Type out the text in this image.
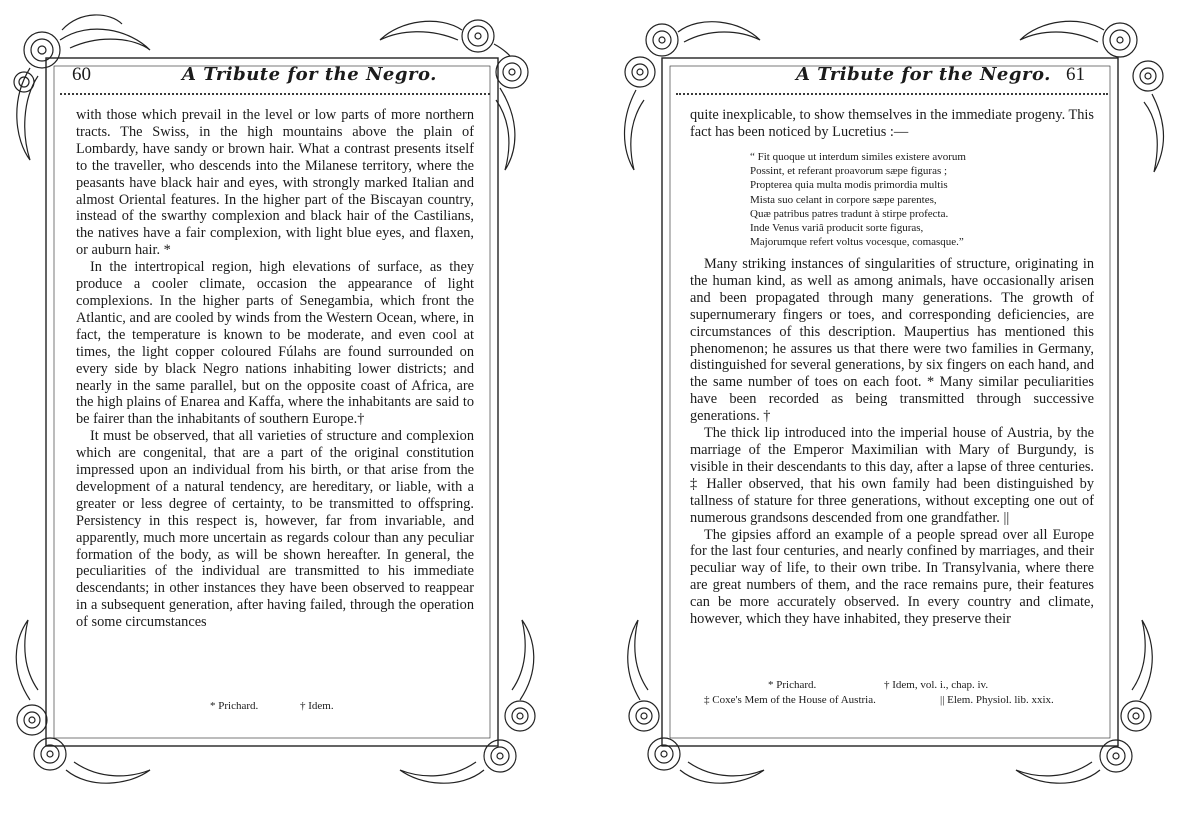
60	A Tribute for the Negro.

with those which prevail in the level or low parts of more northern tracts. The Swiss, in the high mountains above the plain of Lombardy, have sandy or brown hair. What a contrast presents itself to the traveller, who descends into the Milanese territory, where the peasants have black hair and eyes, with strongly marked Italian and almost Oriental features. In the higher part of the Biscayan country, instead of the swarthy complexion and black hair of the Castilians, the natives have a fair complexion, with light blue eyes, and flaxen, or auburn hair. *

In the intertropical region, high elevations of surface, as they produce a cooler climate, occasion the appearance of light complexions. In the higher parts of Senegambia, which front the Atlantic, and are cooled by winds from the Western Ocean, where, in fact, the temperature is known to be moderate, and even cool at times, the light copper coloured Fúlahs are found surrounded on every side by black Negro nations inhabiting lower districts; and nearly in the same parallel, but on the opposite coast of Africa, are the high plains of Enarea and Kaffa, where the inhabitants are said to be fairer than the inhabitants of southern Europe.†

It must be observed, that all varieties of structure and complexion which are congenital, that are a part of the original constitution impressed upon an individual from his birth, or that arise from the development of a natural tendency, are hereditary, or liable, with a greater or less degree of certainty, to be transmitted to offspring. Persistency in this respect is, however, far from invariable, and apparently, much more uncertain as regards colour than any peculiar formation of the body, as will be shown hereafter. In general, the peculiarities of the individual are transmitted to his immediate descendants; in other instances they have been observed to reappear in a subsequent generation, after having failed, through the operation of some circumstances

* Prichard.	† Idem.
A Tribute for the Negro. 61

quite inexplicable, to show themselves in the immediate progeny. This fact has been noticed by Lucretius :—

“ Fit quoque ut interdum similes existere avorum
Possint, et referant proavorum sæpe figuras ;
Propterea quia multa modis primordia multis
Mista suo celant in corpore sæpe parentes,
Quæ patribus patres tradunt à stirpe profecta.
Inde Venus variâ producit sorte figuras,
Majorumque refert voltus vocesque, comasque.”

Many striking instances of singularities of structure, originating in the human kind, as well as among animals, have occasionally arisen and been propagated through many generations. The growth of supernumerary fingers or toes, and corresponding deficiencies, are circumstances of this description. Maupertius has mentioned this phenomenon; he assures us that there were two families in Germany, distinguished for several generations, by six fingers on each hand, and the same number of toes on each foot. * Many similar peculiarities have been recorded as being transmitted through successive generations. †

The thick lip introduced into the imperial house of Austria, by the marriage of the Emperor Maximilian with Mary of Burgundy, is visible in their descendants to this day, after a lapse of three centuries. ‡ Haller observed, that his own family had been distinguished by tallness of stature for three generations, without excepting one out of numerous grandsons descended from one grandfather. ||

The gipsies afford an example of a people spread over all Europe for the last four centuries, and nearly confined by marriages, and their peculiar way of life, to their own tribe. In Transylvania, where there are great numbers of them, and the race remains pure, their features can be more accurately observed. In every country and climate, however, which they have inhabited, they preserve their

* Prichard.	† Idem, vol. i., chap. iv.
‡ Coxe's Mem of the House of Austria.	|| Elem. Physiol. lib. xxix.
